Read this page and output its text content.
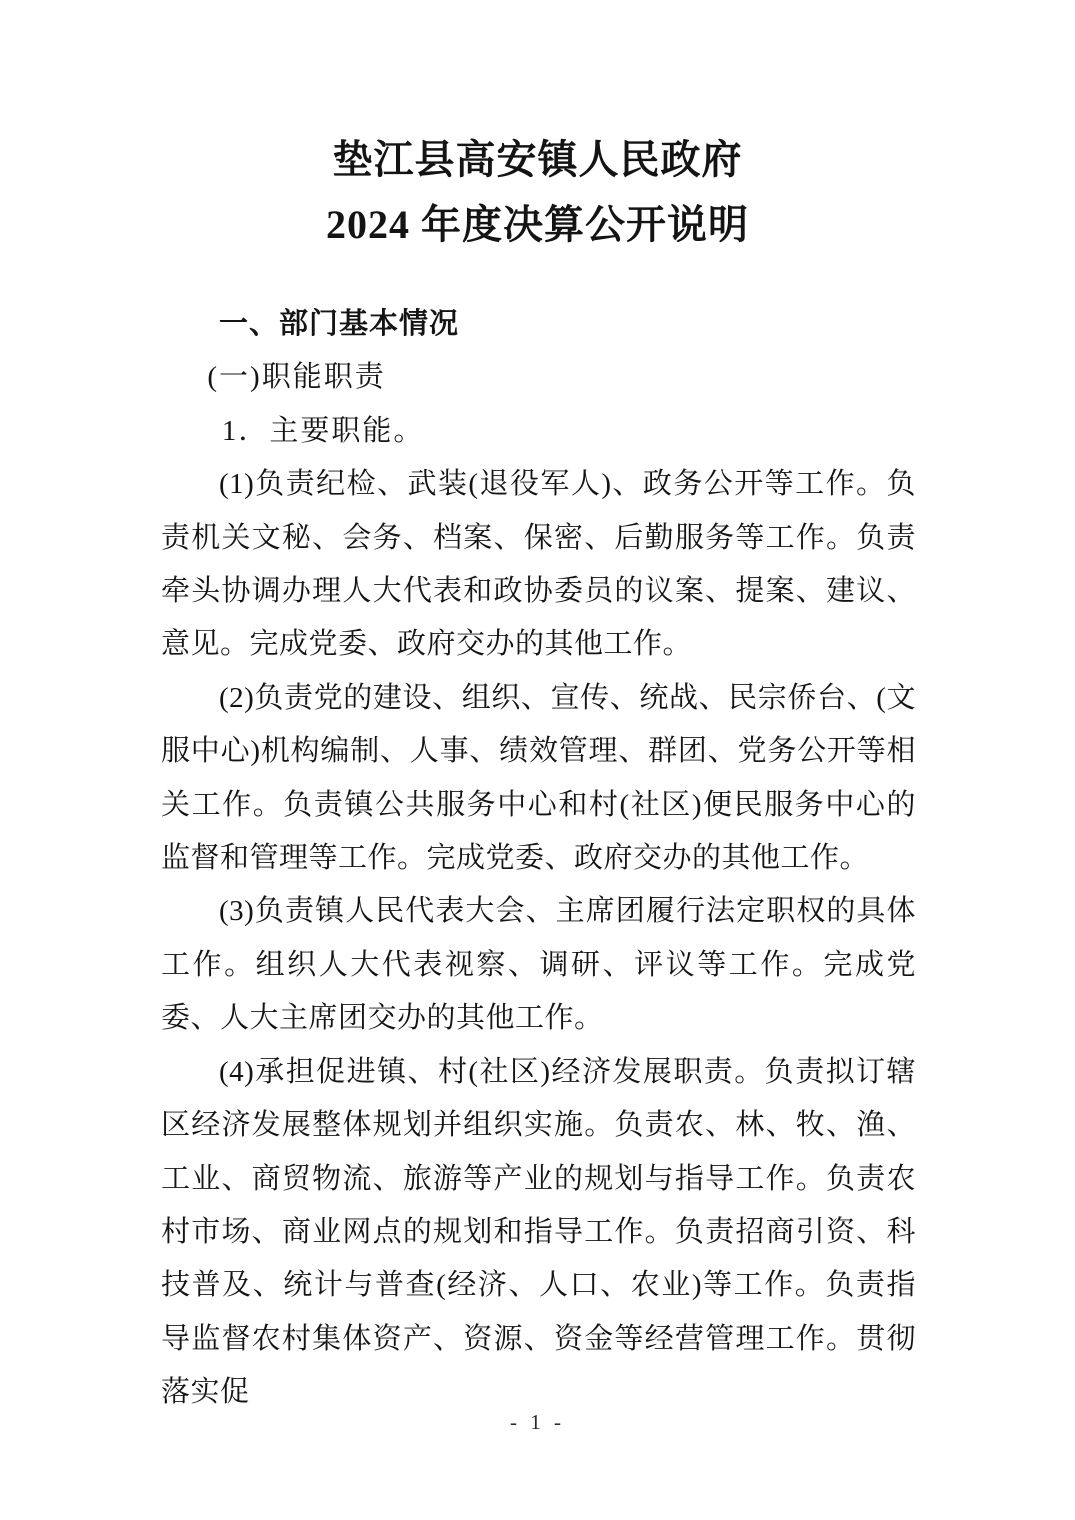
垫江县高安镇人民政府
2024 年度决算公开说明
一、部门基本情况
(一)职能职责

1．主要职能。

(1)负责纪检、武装(退役军人)、政务公开等工作。负责机关文秘、会务、档案、保密、后勤服务等工作。负责牵头协调办理人大代表和政协委员的议案、提案、建议、意见。完成党委、政府交办的其他工作。

(2)负责党的建设、组织、宣传、统战、民宗侨台、(文服中心)机构编制、人事、绩效管理、群团、党务公开等相关工作。负责镇公共服务中心和村(社区)便民服务中心的监督和管理等工作。完成党委、政府交办的其他工作。

(3)负责镇人民代表大会、主席团履行法定职权的具体工作。组织人大代表视察、调研、评议等工作。完成党委、人大主席团交办的其他工作。

(4)承担促进镇、村(社区)经济发展职责。负责拟订辖区经济发展整体规划并组织实施。负责农、林、牧、渔、工业、商贸物流、旅游等产业的规划与指导工作。负责农村市场、商业网点的规划和指导工作。负责招商引资、科技普及、统计与普查(经济、人口、农业)等工作。负责指导监督农村集体资产、资源、资金等经营管理工作。贯彻落实促

- 1 -
